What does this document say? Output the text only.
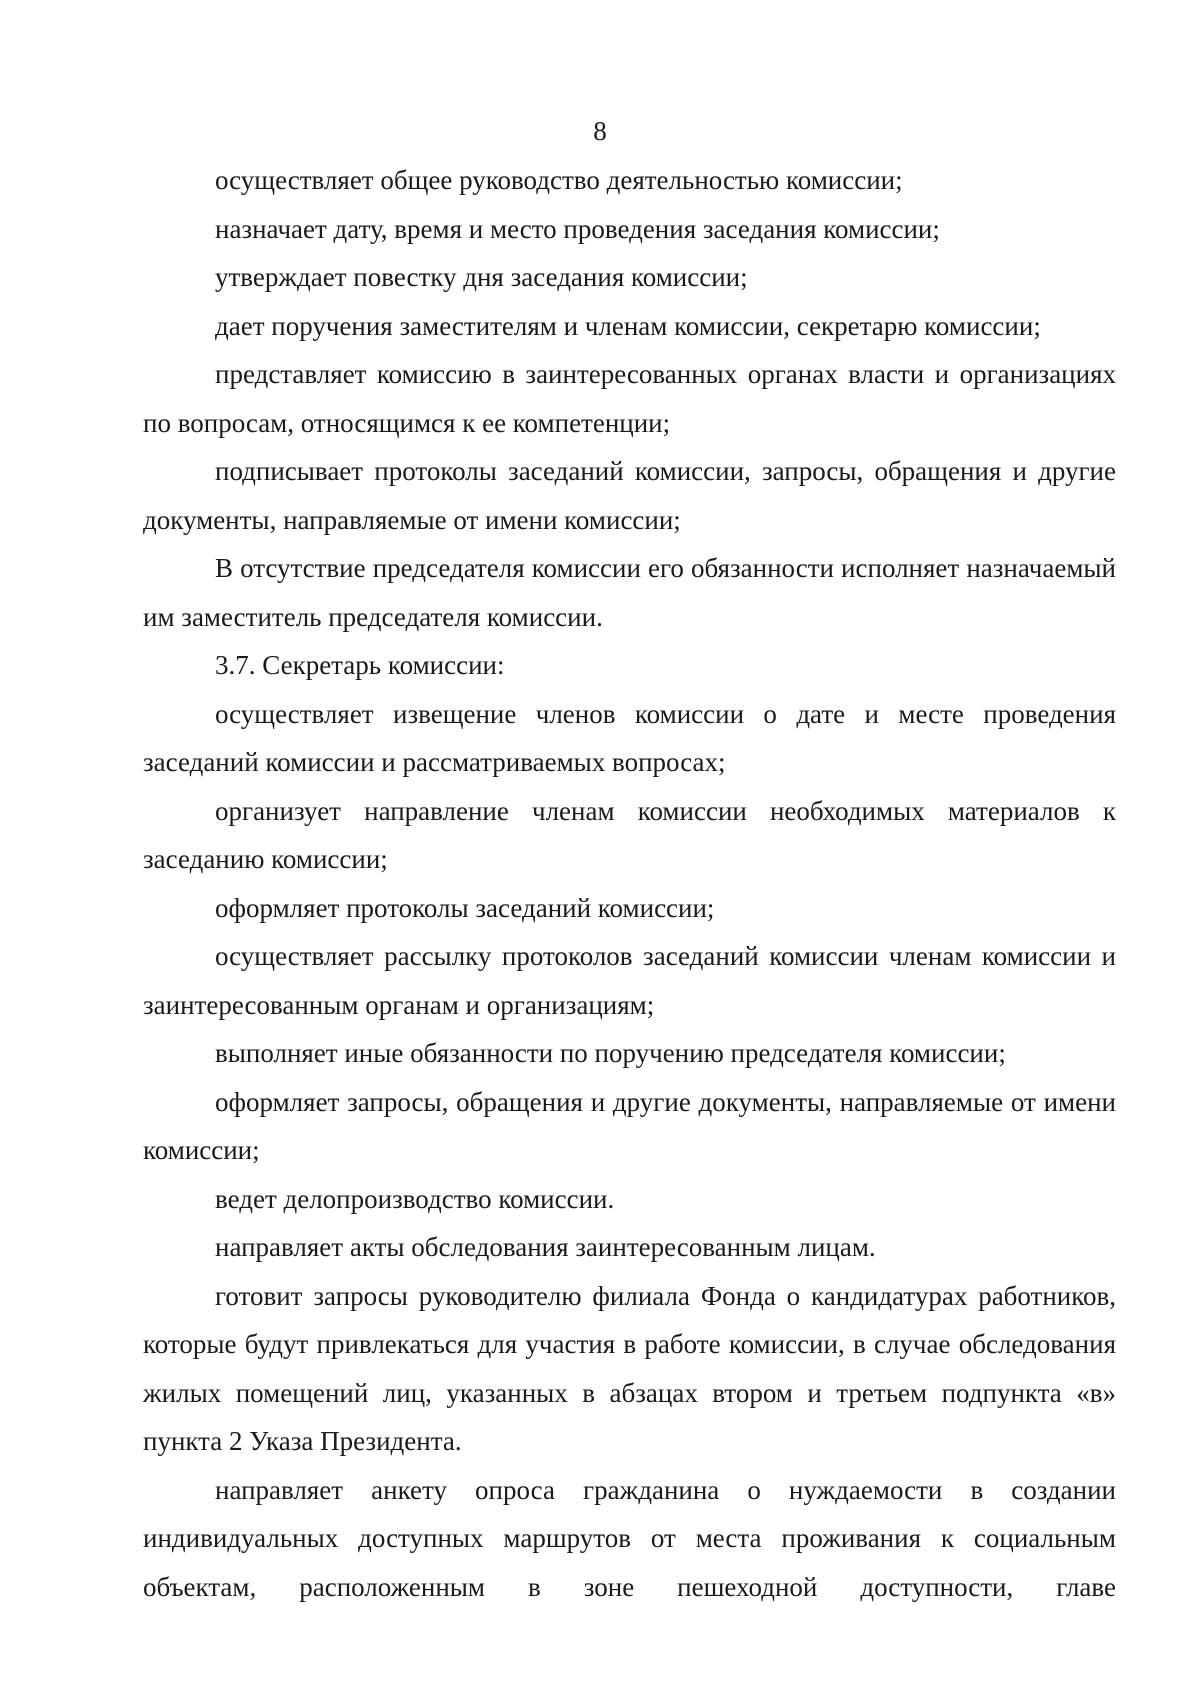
8

осуществляет общее руководство деятельностью комиссии;

назначает дату, время и место проведения заседания комиссии;

утверждает повестку дня заседания комиссии;

дает поручения заместителям и членам комиссии, секретарю комиссии;

представляет комиссию в заинтересованных органах власти и организациях по вопросам, относящимся к ее компетенции;

подписывает протоколы заседаний комиссии, запросы, обращения и другие документы, направляемые от имени комиссии;

В отсутствие председателя комиссии его обязанности исполняет назначаемый им заместитель председателя комиссии.

3.7. Секретарь комиссии:

осуществляет извещение членов комиссии о дате и месте проведения заседаний комиссии и рассматриваемых вопросах;

организует направление членам комиссии необходимых материалов к заседанию комиссии;

оформляет протоколы заседаний комиссии;

осуществляет рассылку протоколов заседаний комиссии членам комиссии и заинтересованным органам и организациям;

выполняет иные обязанности по поручению председателя комиссии;

оформляет запросы, обращения и другие документы, направляемые от имени комиссии;

ведет делопроизводство комиссии.

направляет акты обследования заинтересованным лицам.

готовит запросы руководителю филиала Фонда о кандидатурах работников, которые будут привлекаться для участия в работе комиссии, в случае обследования жилых помещений лиц, указанных в абзацах втором и третьем подпункта «в» пункта 2 Указа Президента.

направляет анкету опроса гражданина о нуждаемости в создании индивидуальных доступных маршрутов от места проживания к социальным объектам, расположенным в зоне пешеходной доступности, главе
